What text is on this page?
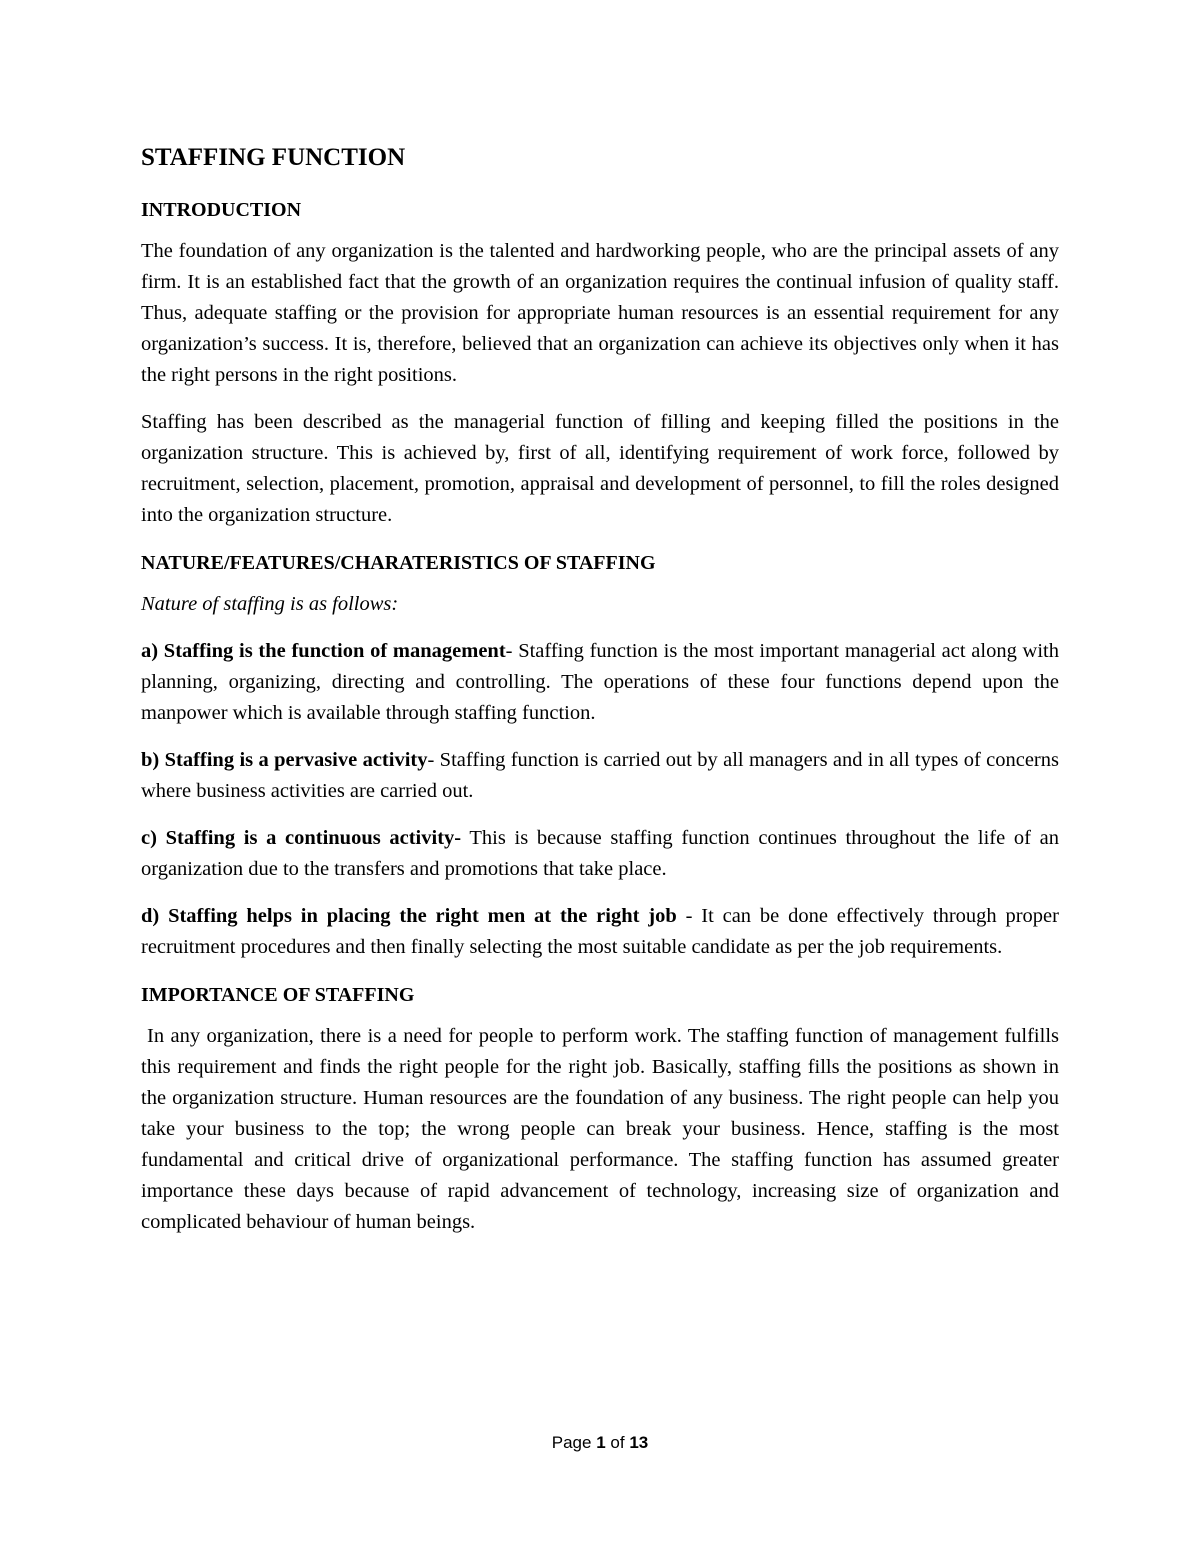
STAFFING FUNCTION
INTRODUCTION

The foundation of any organization is the talented and hardworking people, who are the principal assets of any firm. It is an established fact that the growth of an organization requires the continual infusion of quality staff. Thus, adequate staffing or the provision for appropriate human resources is an essential requirement for any organization’s success. It is, therefore, believed that an organization can achieve its objectives only when it has the right persons in the right positions.

Staffing has been described as the managerial function of filling and keeping filled the positions in the organization structure. This is achieved by, first of all, identifying requirement of work force, followed by recruitment, selection, placement, promotion, appraisal and development of personnel, to fill the roles designed into the organization structure.

NATURE/FEATURES/CHARATERISTICS OF STAFFING
Nature of staffing is as follows:

a) Staffing is the function of management- Staffing function is the most important managerial act along with planning, organizing, directing and controlling. The operations of these four functions depend upon the manpower which is available through staffing function.

b) Staffing is a pervasive activity- Staffing function is carried out by all managers and in all types of concerns where business activities are carried out.

c) Staffing is a continuous activity- This is because staffing function continues throughout the life of an organization due to the transfers and promotions that take place.

d) Staffing helps in placing the right men at the right job - It can be done effectively through proper recruitment procedures and then finally selecting the most suitable candidate as per the job requirements.

IMPORTANCE OF STAFFING

In any organization, there is a need for people to perform work. The staffing function of management fulfills this requirement and finds the right people for the right job. Basically, staffing fills the positions as shown in the organization structure. Human resources are the foundation of any business. The right people can help you take your business to the top; the wrong people can break your business. Hence, staffing is the most fundamental and critical drive of organizational performance. The staffing function has assumed greater importance these days because of rapid advancement of technology, increasing size of organization and complicated behaviour of human beings.

Page 1 of 13
